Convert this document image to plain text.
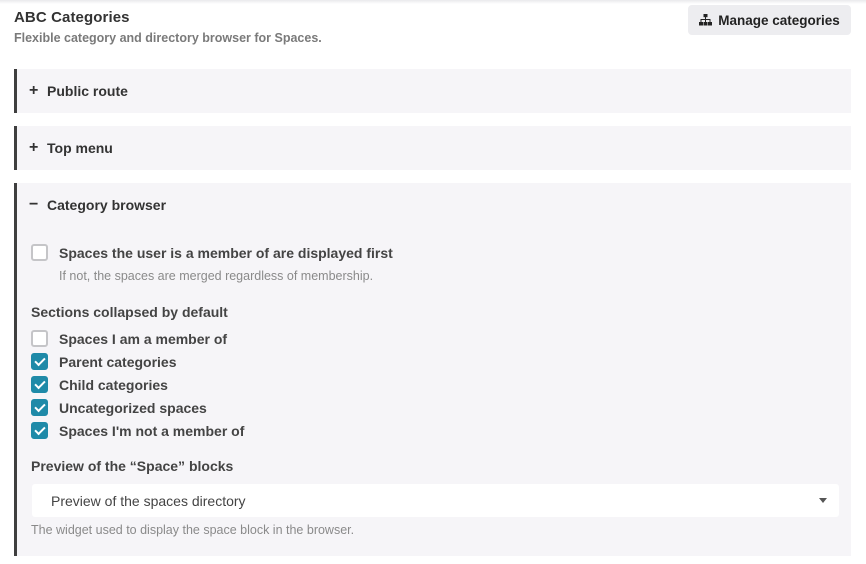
ABC Categories
Flexible category and directory browser for Spaces.
Manage categories
+ Public route
+ Top menu
− Category browser
Spaces the user is a member of are displayed first
If not, the spaces are merged regardless of membership.
Sections collapsed by default
Spaces I am a member of
Parent categories
Child categories
Uncategorized spaces
Spaces I'm not a member of
Preview of the “Space” blocks
Preview of the spaces directory
The widget used to display the space block in the browser.
